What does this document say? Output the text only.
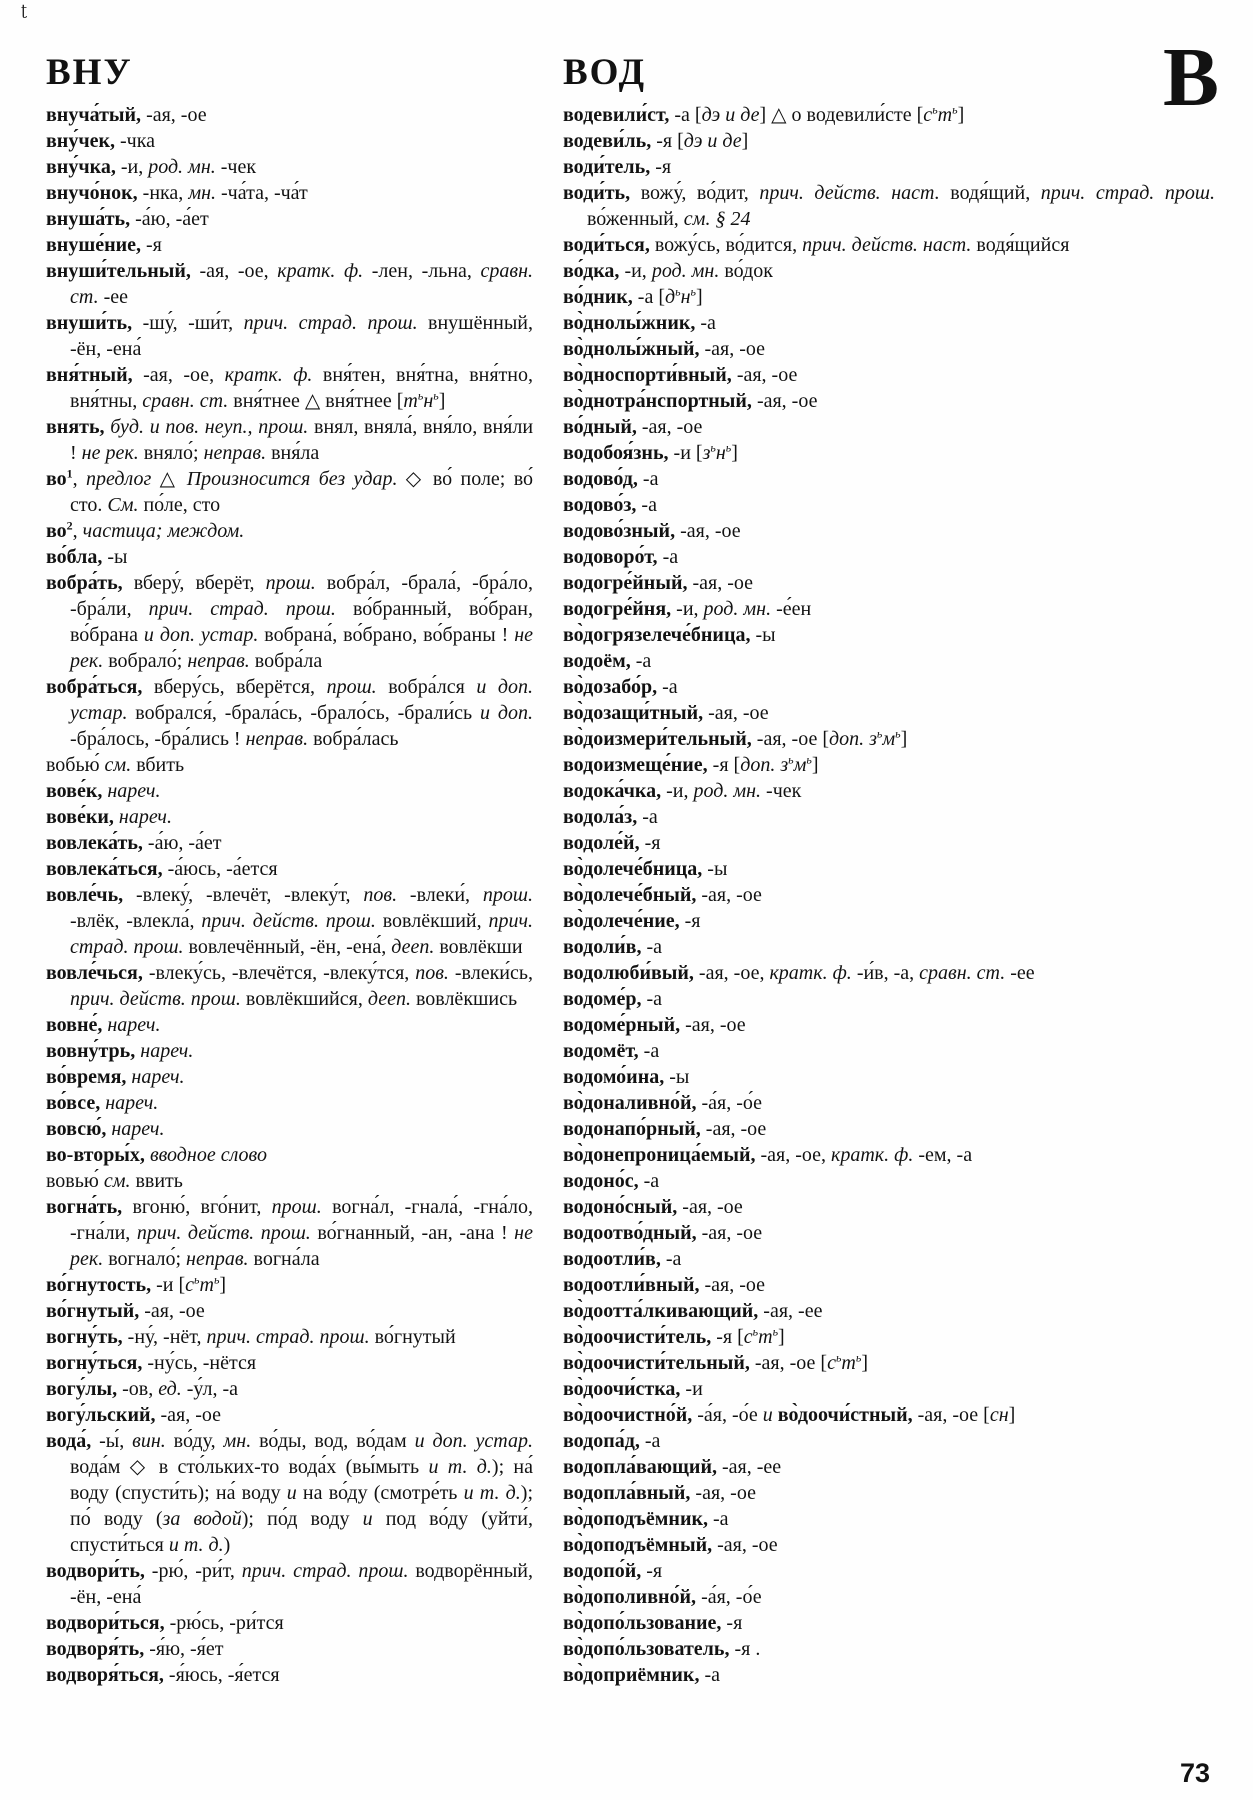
ʈ
ВНУ	ВОД	В

внуча́тый, -ая, -ое

вну́чек, -чка

вну́чка, -и, род. мн. -чек

внучо́нок, -нка, мн. -ча́та, -ча́т

внуша́ть, -а́ю, -а́ет

внуше́ние, -я

внуши́тельный, -ая, -ое, кратк. ф. -лен, -льна, сравн. ст. -ее

внуши́ть, -шу́, -ши́т, прич. страд. прош. внушённый, -ён, -ена́

вня́тный, -ая, -ое, кратк. ф. вня́тен, вня́тна, вня́тно, вня́тны, сравн. ст. вня́тнее △ вня́тнее $[т^ьн^ь]$

внять, буд. и пов. неуп., прош. внял, вняла́, вня́ло, вня́ли ! не рек. вняло́; неправ. вня́ла

$во^1$, предлог △ Произносится без удар. ◇ во́ поле; во́ сто. См. по́ле, сто

$во^2$, частица; междом.

во́бла, -ы

вобра́ть, вберу́, вберёт, прош. вобра́л, -брала́, -бра́ло, -бра́ли, прич. страд. прош. во́бранный, во́бран, во́брана и доп. устар. вобрана́, во́брано, во́браны ! не рек. вобрало́; неправ. вобра́ла

вобра́ться, вберу́сь, вберётся, прош. вобра́лся и доп. устар. вобрался́, -брала́сь, -брало́сь, -брали́сь и доп. -бра́лось, -бра́лись ! неправ. вобра́лась

вобью́ см. вбить

вове́к, нареч.

вове́ки, нареч.

вовлека́ть, -а́ю, -а́ет

вовлека́ться, -а́юсь, -а́ется

вовле́чь, -влеку́, -влечёт, -влеку́т, пов. -влеки́, прош. -влёк, -влекла́, прич. действ. прош. вовлёкший, прич. страд. прош. вовлечённый, -ён, -ена́, дееп. вовлёкши

вовле́чься, -влеку́сь, -влечётся, -влеку́тся, пов. -влеки́сь, прич. действ. прош. вовлёкшийся, дееп. вовлёкшись

вовне́, нареч.

вовну́трь, нареч.

во́время, нареч.

во́все, нареч.

вовсю́, нареч.

во-вторы́х, вводное слово

вовью́ см. ввить

вогна́ть, вгоню́, вго́нит, прош. вогна́л, -гнала́, -гна́ло, -гна́ли, прич. действ. прош. во́гнанный, -ан, -ана ! не рек. вогнало́; неправ. вогна́ла

во́гнутость, -и $[с^ьт^ь]$

во́гнутый, -ая, -ое

вогну́ть, -ну́, -нёт, прич. страд. прош. во́гнутый

вогну́ться, -ну́сь, -нётся

вогу́лы, -ов, ед. -у́л, -а

вогу́льский, -ая, -ое

вода́, -ы́, вин. во́ду, мн. во́ды, вод, во́дам и доп. устар. вода́м ◇ в сто́льких-то вода́х (вы́мыть и т. д.); на́ воду (спусти́ть); на́ воду и на во́ду (смотре́ть и т. д.); по́ воду (за водой); по́д воду и под во́ду (уйти́, спусти́ться и т. д.)

водвори́ть, -рю́, -ри́т, прич. страд. прош. водворённый, -ён, -ена́

водвори́ться, -рю́сь, -ри́тся

водворя́ть, -я́ю, -я́ет

водворя́ться, -я́юсь, -я́ется

водевили́ст, -а [дэ и де] △ о водевили́сте $[с^ьт^ь]$

водеви́ль, -я [дэ и де]

води́тель, -я

води́ть, вожу́, во́дит, прич. действ. наст. водя́щий, прич. страд. прош. во́женный, см. § 24

води́ться, вожу́сь, во́дится, прич. действ. наст. водя́щийся

во́дка, -и, род. мн. во́док

во́дник, -а $[д^ьн^ь]$

во̀днолы́жник, -а

во̀днолы́жный, -ая, -ое

во̀дноспорти́вный, -ая, -ое

во̀днотра́нспортный, -ая, -ое

во́дный, -ая, -ое

водобоя́знь, -и $[з^ьн^ь]$

водово́д, -а

водово́з, -а

водово́зный, -ая, -ое

водоворо́т, -а

водогре́йный, -ая, -ое

водогре́йня, -и, род. мн. -е́ен

во̀догрязелече́бница, -ы

водоём, -а

во̀дозабо́р, -а

во̀дозащи́тный, -ая, -ое

во̀доизмери́тельный, -ая, -ое [доп. $з^ьм^ь$]

водоизмеще́ние, -я [доп. $з^ьм^ь$]

водока́чка, -и, род. мн. -чек

водола́з, -а

водоле́й, -я

во̀долече́бница, -ы

во̀долече́бный, -ая, -ое

во̀долече́ние, -я

водоли́в, -а

водолюби́вый, -ая, -ое, кратк. ф. -и́в, -а, сравн. ст. -ее

водоме́р, -а

водоме́рный, -ая, -ое

водомёт, -а

водомо́ина, -ы

во̀доналивно́й, -а́я, -о́е

водонапо́рный, -ая, -ое

во̀донепроница́емый, -ая, -ое, кратк. ф. -ем, -а

водоно́с, -а

водоно́сный, -ая, -ое

водоотво́дный, -ая, -ое

водоотли́в, -а

водоотли́вный, -ая, -ое

во̀доотта́лкивающий, -ая, -ее

во̀доочисти́тель, -я $[с^ьт^ь]$

во̀доочисти́тельный, -ая, -ое $[с^ьт^ь]$

во̀доочи́стка, -и

во̀доочистно́й, -а́я, -о́е и во̀доочи́стный, -ая, -ое [сн]

водопа́д, -а

водопла́вающий, -ая, -ее

водопла́вный, -ая, -ое

во̀доподъёмник, -а

во̀доподъёмный, -ая, -ое

водопо́й, -я

во̀дополивно́й, -а́я, -о́е

во̀допо́льзование, -я

во̀допо́льзователь, -я .

во̀доприёмник, -а

73
